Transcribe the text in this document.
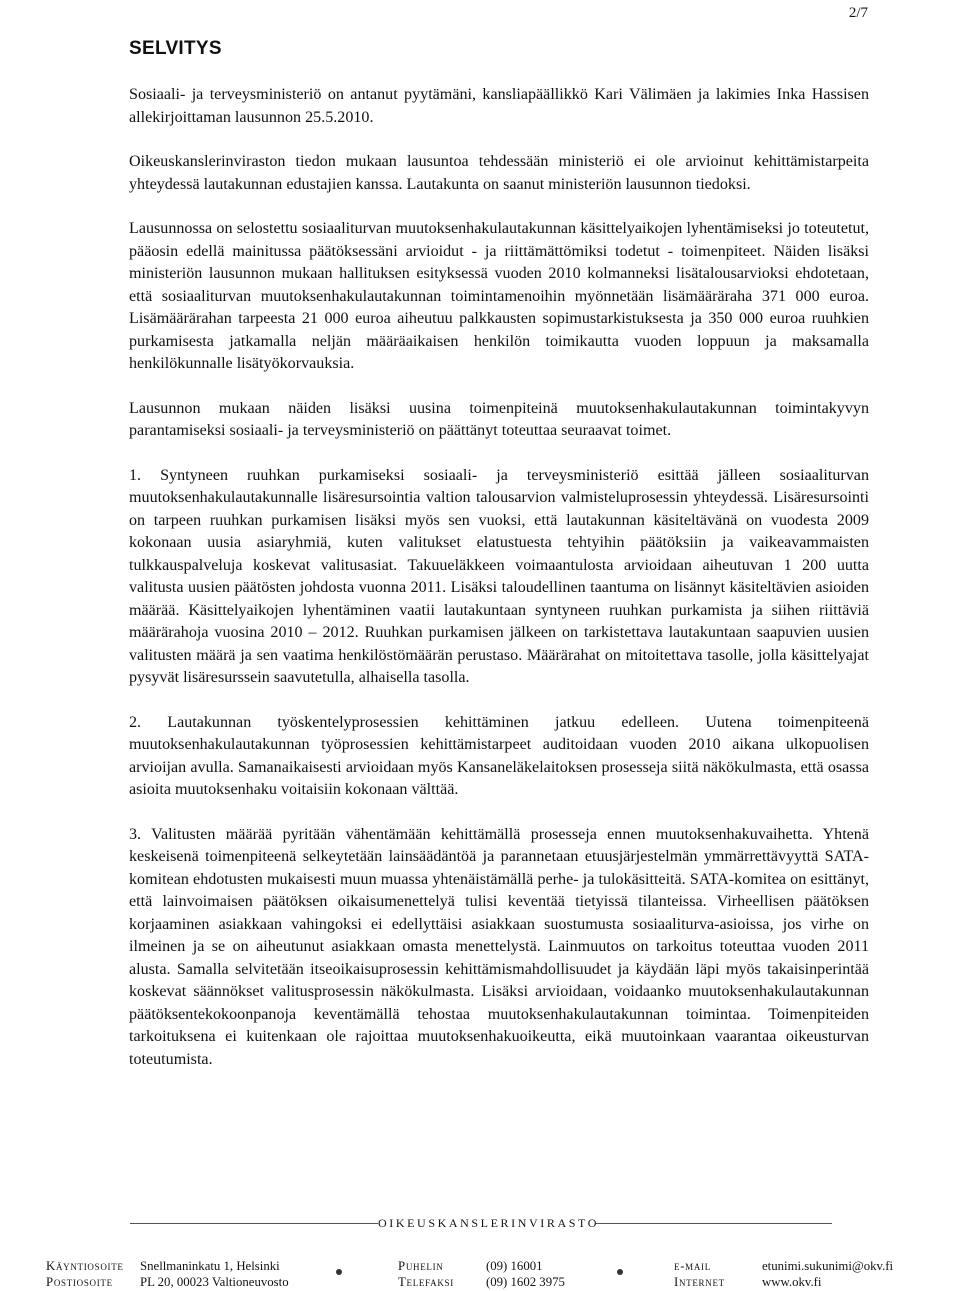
2/7
SELVITYS

Sosiaali- ja terveysministeriö on antanut pyytämäni, kansliapäällikkö Kari Välimäen ja lakimies Inka Hassisen allekirjoittaman lausunnon 25.5.2010.

Oikeuskanslerinviraston tiedon mukaan lausuntoa tehdessään ministeriö ei ole arvioinut kehittämistarpeita yhteydessä lautakunnan edustajien kanssa. Lautakunta on saanut ministeriön lausunnon tiedoksi.

Lausunnossa on selostettu sosiaaliturvan muutoksenhakulautakunnan käsittelyaikojen lyhentämiseksi jo toteutetut, pääosin edellä mainitussa päätöksessäni arvioidut - ja riittämättömiksi todetut - toimenpiteet. Näiden lisäksi ministeriön lausunnon mukaan hallituksen esityksessä vuoden 2010 kolmanneksi lisätalousarvioksi ehdotetaan, että sosiaaliturvan muutoksenhakulautakunnan toimintamenoihin myönnetään lisämääräraha 371 000 euroa. Lisämäärärahan tarpeesta 21 000 euroa aiheutuu palkkausten sopimustarkistuksesta ja 350 000 euroa ruuhkien purkamisesta jatkamalla neljän määräaikaisen henkilön toimikautta vuoden loppuun ja maksamalla henkilökunnalle lisätyökorvauksia.

Lausunnon mukaan näiden lisäksi uusina toimenpiteinä muutoksenhakulautakunnan toimintakyvyn parantamiseksi sosiaali- ja terveysministeriö on päättänyt toteuttaa seuraavat toimet.

1. Syntyneen ruuhkan purkamiseksi sosiaali- ja terveysministeriö esittää jälleen sosiaaliturvan muutoksenhakulautakunnalle lisäresursointia valtion talousarvion valmisteluprosessin yhteydessä. Lisäresursointi on tarpeen ruuhkan purkamisen lisäksi myös sen vuoksi, että lautakunnan käsiteltävänä on vuodesta 2009 kokonaan uusia asiaryhmiä, kuten valitukset elatustuesta tehtyihin päätöksiin ja vaikeavammaisten tulkkauspalveluja koskevat valitusasiat. Takuueläkkeen voimaantulosta arvioidaan aiheutuvan 1 200 uutta valitusta uusien päätösten johdosta vuonna 2011. Lisäksi taloudellinen taantuma on lisännyt käsiteltävien asioiden määrää. Käsittelyaikojen lyhentäminen vaatii lautakuntaan syntyneen ruuhkan purkamista ja siihen riittäviä määrärahoja vuosina 2010 – 2012. Ruuhkan purkamisen jälkeen on tarkistettava lautakuntaan saapuvien uusien valitusten määrä ja sen vaatima henkilöstömäärän perustaso. Määrärahat on mitoitettava tasolle, jolla käsittelyajat pysyvät lisäresurssein saavutetulla, alhaisella tasolla.

2. Lautakunnan työskentelyprosessien kehittäminen jatkuu edelleen. Uutena toimenpiteenä muutoksenhakulautakunnan työprosessien kehittämistarpeet auditoidaan vuoden 2010 aikana ulkopuolisen arvioijan avulla. Samanaikaisesti arvioidaan myös Kansaneläkelaitoksen prosesseja siitä näkökulmasta, että osassa asioita muutoksenhaku voitaisiin kokonaan välttää.

3. Valitusten määrää pyritään vähentämään kehittämällä prosesseja ennen muutoksenhakuvaihetta. Yhtenä keskeisenä toimenpiteenä selkeytetään lainsäädäntöä ja parannetaan etuusjärjestelmän ymmärrettävyyttä SATA-komitean ehdotusten mukaisesti muun muassa yhtenäistämällä perhe- ja tulokäsitteitä. SATA-komitea on esittänyt, että lainvoimaisen päätöksen oikaisumenettelyä tulisi keventää tietyissä tilanteissa. Virheellisen päätöksen korjaaminen asiakkaan vahingoksi ei edellyttäisi asiakkaan suostumusta sosiaaliturva-asioissa, jos virhe on ilmeinen ja se on aiheutunut asiakkaan omasta menettelystä. Lainmuutos on tarkoitus toteuttaa vuoden 2011 alusta. Samalla selvitetään itseoikaisuprosessin kehittämismahdollisuudet ja käydään läpi myös takaisinperintää koskevat säännökset valitusprosessin näkökulmasta. Lisäksi arvioidaan, voidaanko muutoksenhakulautakunnan päätöksentekokoonpanoja keventämällä tehostaa muutoksenhakulautakunnan toimintaa. Toimenpiteiden tarkoituksena ei kuitenkaan ole rajoittaa muutoksenhakuoikeutta, eikä muutoinkaan vaarantaa oikeusturvan toteutumista.

OIKEUSKANSLERINVIRASTO
Käyntiosoite Snellmaninkatu 1, Helsinki	Puhelin	(09) 16001	e-mail	etunimi.sukunimi@okv.fi
Postiosoite PL 20, 00023 Valtioneuvosto	Telefaksi	(09) 1602 3975	Internet	www.okv.fi
